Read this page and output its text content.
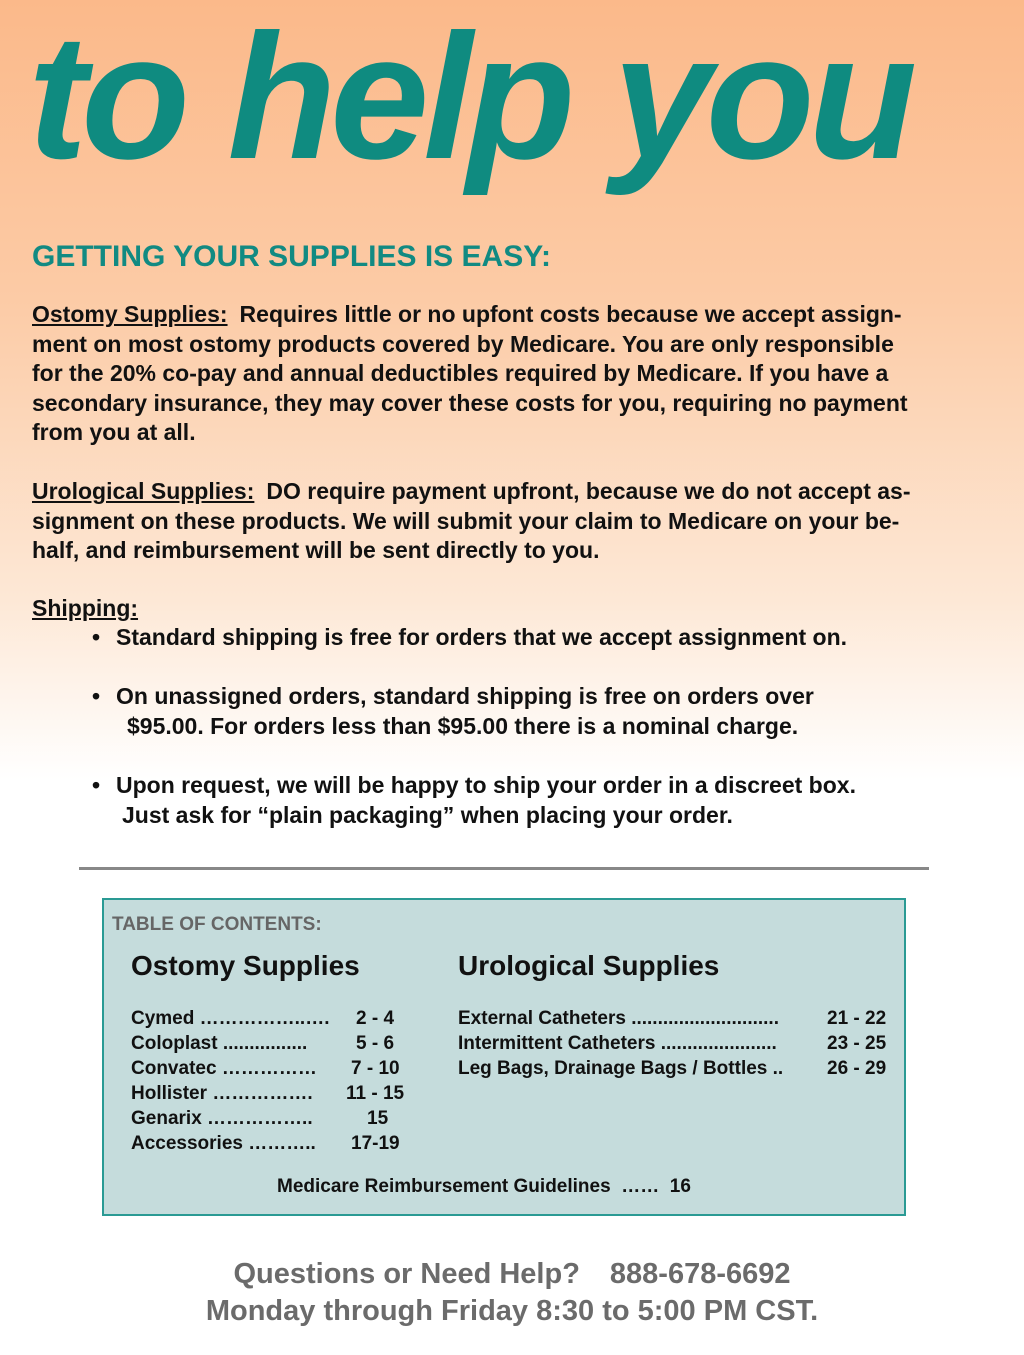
to help you
GETTING YOUR SUPPLIES IS EASY:
Ostomy Supplies: Requires little or no upfont costs because we accept assign-
ment on most ostomy products covered by Medicare. You are only responsible
for the 20% co-pay and annual deductibles required by Medicare. If you have a
secondary insurance, they may cover these costs for you, requiring no payment
from you at all.
Urological Supplies: DO require payment upfront, because we do not accept as-
signment on these products. We will submit your claim to Medicare on your be-
half, and reimbursement will be sent directly to you.
Shipping:
• Standard shipping is free for orders that we accept assignment on.
• On unassigned orders, standard shipping is free on orders over
$95.00. For orders less than $95.00 there is a nominal charge.
• Upon request, we will be happy to ship your order in a discreet box.
Just ask for “plain packaging” when placing your order.
TABLE OF CONTENTS:
Ostomy Supplies	Urological Supplies
Cymed ……………..…. 2 - 4
Coloplast ................	5 - 6
Convatec …………… 7 - 10
Hollister ……………. 11 - 15
Genarix ……………..	15
Accessories ……….. 17-19
External Catheters ............................	21 - 22
Intermittent Catheters ......................	23 - 25
Leg Bags, Drainage Bags / Bottles .. 26 - 29
Medicare Reimbursement Guidelines …… 16
Questions or Need Help? 888-678-6692
Monday through Friday 8:30 to 5:00 PM CST.
